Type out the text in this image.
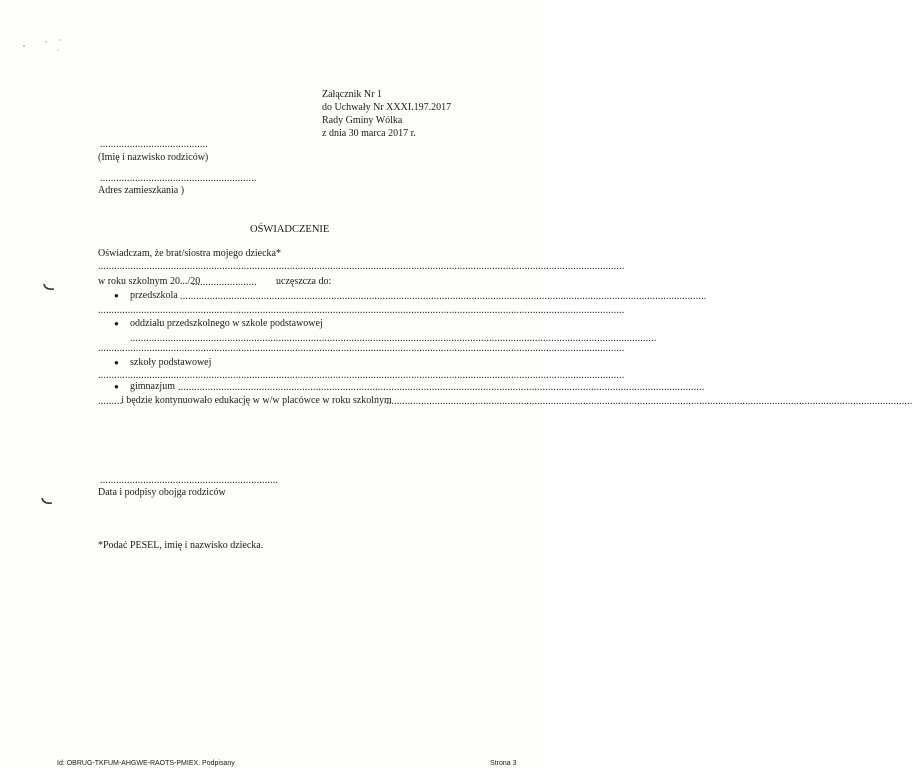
Załącznik Nr 1
do Uchwały Nr XXXI.197.2017
Rady Gminy Wólka
z dnia 30 marca 2017 r.
........................................
(Imię i nazwisko rodziców)
..........................................................
Adres zamieszkania )
OŚWIADCZENIE
Oświadczam, że brat/siostra mojego dziecka*
...................................................................................................................................................................................................
w roku szkolnym 20.../20
........................	uczęszcza do:
● przedszkola ...................................................................................................................................................................................................
...................................................................................................................................................................................................
● oddziału przedszkolnego w szkole podstawowej
...................................................................................................................................................................................................
...................................................................................................................................................................................................
● szkoły podstawowej
...................................................................................................................................................................................................
● gimnazjum ...................................................................................................................................................................................................
.........
i będzie kontynuowało edukację w w/w placówce w roku szkolnym
...................................................................................................................................................................................................
..................................................................
Data i podpisy obojga rodziców
*Podać PESEL, imię i nazwisko dziecka.
Id: OBRUG-TKFUM-AHGWE-RAOTS-PMIEX. Podpisany	Strona 3
